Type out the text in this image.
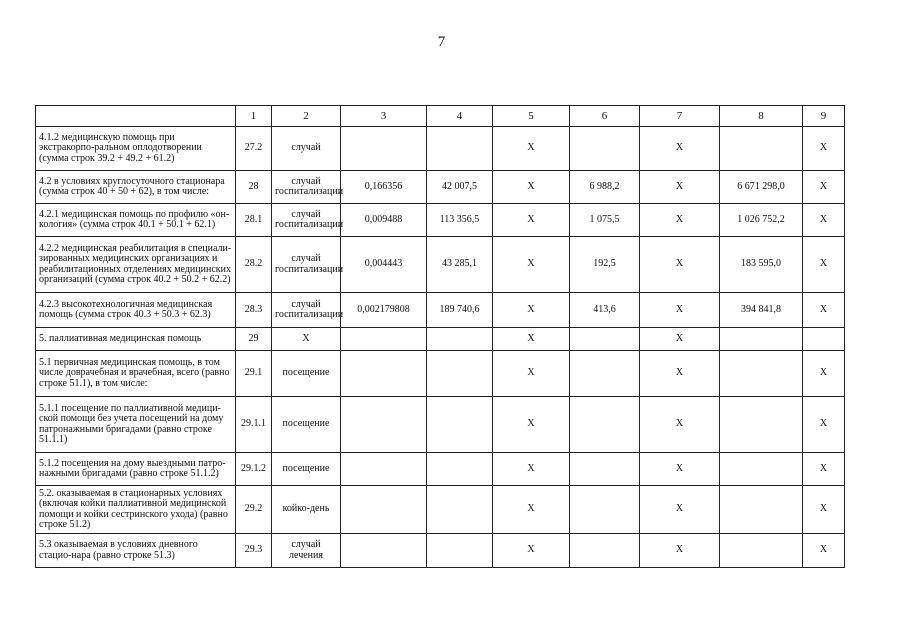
7
	1	2	3	4	5	6	7	8	9
4.1.2 медицинскую помощь при экстракорпо-ральном оплодотворении (сумма строк 39.2 + 49.2 + 61.2)	27.2	случай			X		X		X
4.2 в условиях круглосуточного стационара (сумма строк 40 + 50 + 62), в том числе:	28	случай госпитализации	0,166356	42 007,5	X	6 988,2	X	6 671 298,0	X
4.2.1 медицинская помощь по профилю «он-кология» (сумма строк 40.1 + 50.1 + 62.1)	28.1	случай госпитализации	0,009488	113 356,5	X	1 075,5	X	1 026 752,2	X
4.2.2 медицинская реабилитация в специали-зированных медицинских организациях и реабилитационных отделениях медицинских организаций (сумма строк 40.2 + 50.2 + 62.2)	28.2	случай госпитализации	0,004443	43 285,1	X	192,5	X	183 595,0	X
4.2.3 высокотехнологичная медицинская помощь (сумма строк 40.3 + 50.3 + 62.3)	28.3	случай госпитализации	0,002179808	189 740,6	X	413,6	X	394 841,8	X
5. паллиативная медицинская помощь	29	X			X		X		
5.1 первичная медицинская помощь, в том числе доврачебная и врачебная, всего (равно строке 51.1), в том числе:	29.1	посещение			X		X		X
5.1.1 посещение по паллиативной медици-ской помощи без учета посещений на дому патронажными бригадами (равно строке 51.1.1)	29.1.1	посещение			X		X		X
5.1.2 посещения на дому выездными патро-нажными бригадами (равно строке 51.1.2)	29.1.2	посещение			X		X		X
5.2. оказываемая в стационарных условиях (включая койки паллиативной медицинской помощи и койки сестринского ухода) (равно строке 51.2)	29.2	койко-день			X		X		X
5.3 оказываемая в условиях дневного стацио-нара (равно строке 51.3)	29.3	случай лечения			X		X		X
